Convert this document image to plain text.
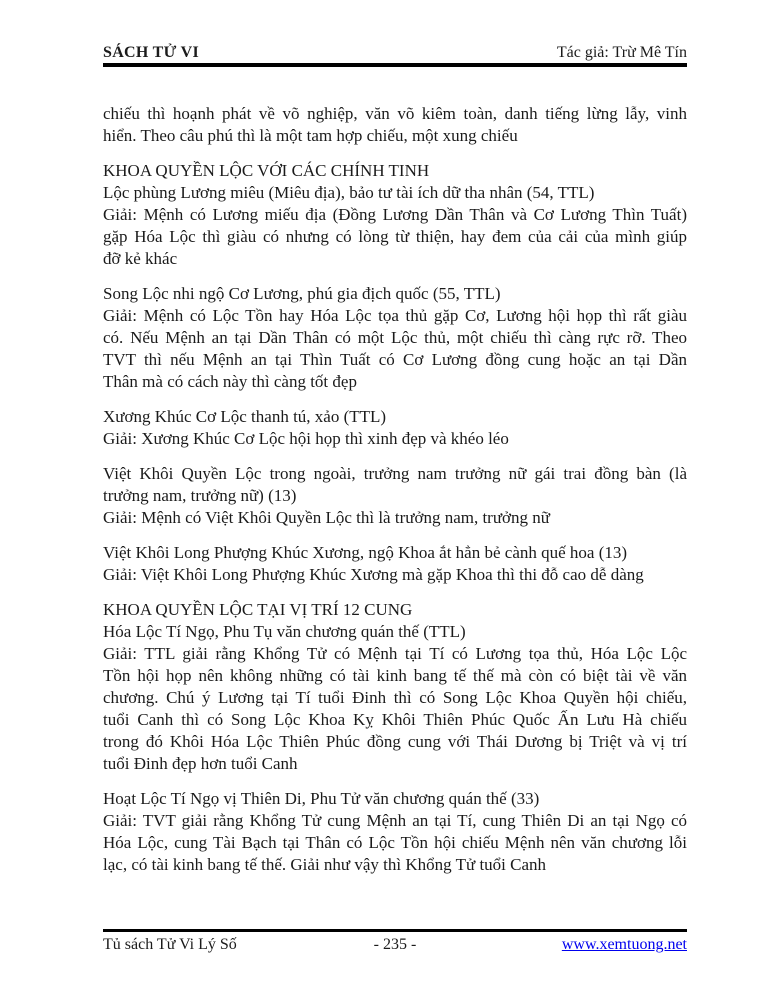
SÁCH TỬ VI	Tác giả: Trừ Mê Tín
chiếu thì hoạnh phát về võ nghiệp, văn võ kiêm toàn, danh tiếng lừng lẫy, vinh
hiển. Theo câu phú thì là một tam hợp chiếu, một xung chiếu
KHOA QUYỀN LỘC VỚI CÁC CHÍNH TINH
Lộc phùng Lương miêu (Miêu địa), bảo tư tài ích dữ tha nhân (54, TTL)
Giải: Mệnh có Lương miếu địa (Đồng Lương Dần Thân và Cơ Lương Thìn Tuất)
gặp Hóa Lộc thì giàu có nhưng có lòng từ thiện, hay đem của cải của mình giúp
đỡ kẻ khác
Song Lộc nhi ngộ Cơ Lương, phú gia địch quốc (55, TTL)
Giải: Mệnh có Lộc Tồn hay Hóa Lộc tọa thủ gặp Cơ, Lương hội họp thì rất giàu
có. Nếu Mệnh an tại Dần Thân có một Lộc thủ, một chiếu thì càng rực rỡ. Theo
TVT thì nếu Mệnh an tại Thìn Tuất có Cơ Lương đồng cung hoặc an tại Dần
Thân mà có cách này thì càng tốt đẹp
Xương Khúc Cơ Lộc thanh tú, xảo (TTL)
Giải: Xương Khúc Cơ Lộc hội họp thì xinh đẹp và khéo léo
Việt Khôi Quyền Lộc trong ngoài, trưởng nam trưởng nữ gái trai đồng bàn (là
trưởng nam, trưởng nữ) (13)
Giải: Mệnh có Việt Khôi Quyền Lộc thì là trưởng nam, trưởng nữ
Việt Khôi Long Phượng Khúc Xương, ngộ Khoa ắt hẳn bẻ cành quế hoa (13)
Giải: Việt Khôi Long Phượng Khúc Xương mà gặp Khoa thì thi đỗ cao dễ dàng
KHOA QUYỀN LỘC TẠI VỊ TRÍ 12 CUNG
Hóa Lộc Tí Ngọ, Phu Tụ văn chương quán thế (TTL)
Giải: TTL giải rằng Khổng Tử có Mệnh tại Tí có Lương tọa thủ, Hóa Lộc Lộc
Tồn hội họp nên không những có tài kinh bang tế thế mà còn có biệt tài về văn
chương. Chú ý Lương tại Tí tuổi Đinh thì có Song Lộc Khoa Quyền hội chiếu,
tuổi Canh thì có Song Lộc Khoa Kỵ Khôi Thiên Phúc Quốc Ấn Lưu Hà chiếu
trong đó Khôi Hóa Lộc Thiên Phúc đồng cung với Thái Dương bị Triệt và vị trí
tuổi Đinh đẹp hơn tuổi Canh
Hoạt Lộc Tí Ngọ vị Thiên Di, Phu Tử văn chương quán thế (33)
Giải: TVT giải rằng Khổng Tử cung Mệnh an tại Tí, cung Thiên Di an tại Ngọ có
Hóa Lộc, cung Tài Bạch tại Thân có Lộc Tồn hội chiếu Mệnh nên văn chương lỗi
lạc, có tài kinh bang tế thế. Giải như vậy thì Khổng Tử tuổi Canh
- 235 -
Tủ sách Tử Vi Lý Số	www.xemtuong.net
